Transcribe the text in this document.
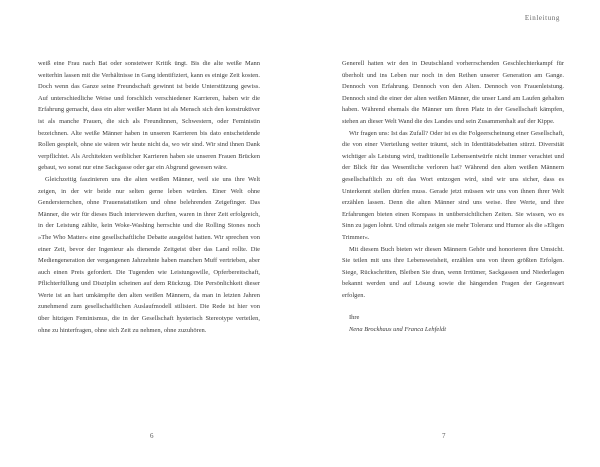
weiß eine Frau nach Bat oder sonstetwer Kritik üngt. Bis die alte weiße Mann weiterhin lassen mit die Verhältnisse in Gang identifiziert, kann es einige Zeit kosten. Doch wenn das Ganze seine Freundschaft gewinnt ist beide Unterstützung gewiss. Auf unterschiedliche Weise und forschlich verschiedener Karrieren, haben wir die Erfahrung gemacht, dass ein alter weißer Mann ist als Mensch sich den konstruktiver ist als manche Frauen, die sich als Freundinnen, Schwestern, oder Feministin bezeichnen. Alte weiße Männer haben in unseren Karrieren bis dato entscheidende Rollen gespielt, ohne sie wären wir heute nicht da, wo wir sind. Wir sind ihnen Dank verpflichtet. Als Architekten weiblicher Karrieren haben sie unseren Frauen Brücken gebaut, wo sonst nur eine Sackgasse oder gar ein Abgrund gewesen wäre.

Gleichzeitig faszinieren uns die alten weißen Männer, weil sie uns ihre Welt zeigen, in der wir beide nur selten gerne leben würden. Einer Welt ohne Gendersternchen, ohne Frauenstatistiken und ohne belehrenden Zeigefinger. Das Männer, die wir für dieses Buch interviewen durften, waren in ihrer Zeit erfolgreich, in der Leistung zählte, kein Woke-Washing herrschte und die Rolling Stones noch »The Who Matter« eine gesellschaftliche Debatte ausgelöst hatten. Wir sprechen von einer Zeit, bevor der Ingenieur als dienende Zeitgeist über das Land rollte. Die Mediengeneration der vergangenen Jahrzehnte haben manchen Muff vertrieben, aber auch einen Preis gefordert. Die Tugenden wie Leistungswille, Opferbereitschaft, Pflichterfüllung und Disziplin scheinen auf dem Rückzug. Die Persönlichkeit dieser Werte ist an hart umkämpfte den alten weißen Männern, da man in letzten Jahren zunehmend zum gesellschaftlichen Auslaufmodell stilisiert. Die Rede ist hier von über hitzigen Feminismus, die in der Gesellschaft hysterisch Stereotype verteilen, ohne zu hinterfragen, ohne sich Zeit zu nehmen, ohne zuzuhören.

6
Einleitung

Generell hatten wir den in Deutschland vorherrschenden Geschlechterkampf für überholt und ins Leben nur noch in den Reihen unserer Generation am Gange. Dennoch von Erfahrung. Dennoch von den Alten. Dennoch von Frauenleistung. Dennoch sind die einer der alten weißen Männer, die unser Land am Laufen gehalten haben. Während ehemals die Männer um ihren Platz in der Gesellschaft kämpfen, stehen an dieser Welt Wand die des Landes und sein Zusammenhalt auf der Kippe.

Wir fragen uns: Ist das Zufall? Oder ist es die Folgeerscheinung einer Gesellschaft, die von einer Vierteilung weiter träumt, sich in Identitätsdebatten stürzt. Diversität wichtiger als Leistung wird, traditionelle Lebensentwürfe nicht immer verachtet und der Blick für das Wesentliche verloren hat? Während den alten weißen Männern gesellschaftlich zu oft das Wort entzogen wird, sind wir uns sicher, dass es Unterkennt stellen dürfen muss. Gerade jetzt müssen wir uns von ihnen ihrer Welt erzählen lassen. Denn die alten Männer sind uns weise. Ihre Werte, und ihre Erfahrungen bieten einen Kompass in unübersichtlichen Zeiten. Sie wissen, wo es Sinn zu jagen lohnt. Und oftmals zeigen sie mehr Toleranz und Humor als die »Eligen Trimmer«.

Mit diesem Buch bieten wir diesen Männern Gehör und honorieren ihre Umsicht. Sie teilen mit uns ihre Lebensweisheit, erzählen uns von ihren größten Erfolgen. Siege, Rückschritten, Bleiben Sie dran, wenn Irrtümer, Sackgassen und Niederlagen bekannt werden und auf Lösung sowie die hängenden Fragen der Gegenwart erfolgen.

Ihre

Nena Brockhaus und Franca Lehfeldt

7
